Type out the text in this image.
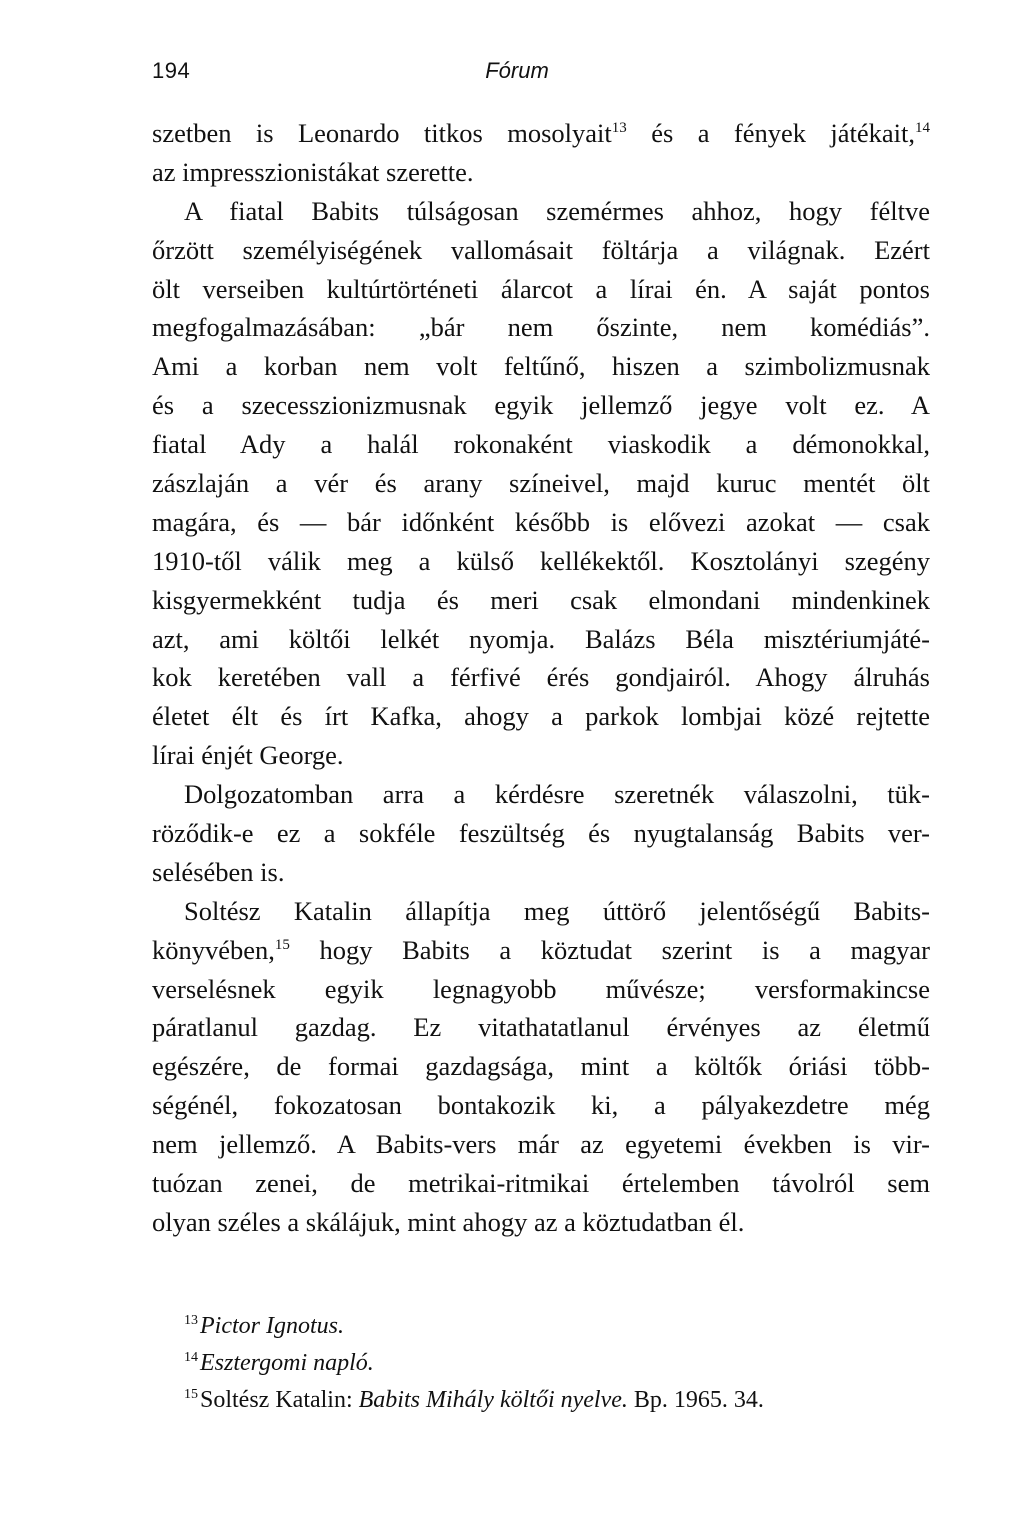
194	Fórum
szetben is Leonardo titkos mosolyait$^{13}$ és a fények játékait,$^{14}$
az impresszionistákat szerette.
A fiatal Babits túlságosan szemérmes ahhoz, hogy féltve
őrzött személyiségének vallomásait föltárja a világnak. Ezért
ölt verseiben kultúrtörténeti álarcot a lírai én. A saját pontos
megfogalmazásában: „bár nem őszinte, nem komédiás”.
Ami a korban nem volt feltűnő, hiszen a szimbolizmusnak
és a szecesszionizmusnak egyik jellemző jegye volt ez. A
fiatal Ady a halál rokonaként viaskodik a démonokkal,
zászlaján a vér és arany színeivel, majd kuruc mentét ölt
magára, és — bár időnként később is elővezi azokat — csak
1910-től válik meg a külső kellékektől. Kosztolányi szegény
kisgyermekként tudja és meri csak elmondani mindenkinek
azt, ami költői lelkét nyomja. Balázs Béla misztériumjáté-
kok keretében vall a férfivé érés gondjairól. Ahogy álruhás
életet élt és írt Kafka, ahogy a parkok lombjai közé rejtette
lírai énjét George.
Dolgozatomban arra a kérdésre szeretnék válaszolni, tük-
röződik-e ez a sokféle feszültség és nyugtalanság Babits ver-
selésében is.
Soltész Katalin állapítja meg úttörő jelentőségű Babits-
könyvében,$^{15}$ hogy Babits a köztudat szerint is a magyar
verselésnek egyik legnagyobb művésze; versformakincse
páratlanul gazdag. Ez vitathatatlanul érvényes az életmű
egészére, de formai gazdagsága, mint a költők óriási több-
ségénél, fokozatosan bontakozik ki, a pályakezdetre még
nem jellemző. A Babits-vers már az egyetemi években is vir-
tuózan zenei, de metrikai-ritmikai értelemben távolról sem
olyan széles a skálájuk, mint ahogy az a köztudatban él.
$^{13}$Pictor Ignotus.
$^{14}$Esztergomi napló.
$^{15}$Soltész Katalin: Babits Mihály költői nyelve. Bp. 1965. 34.
